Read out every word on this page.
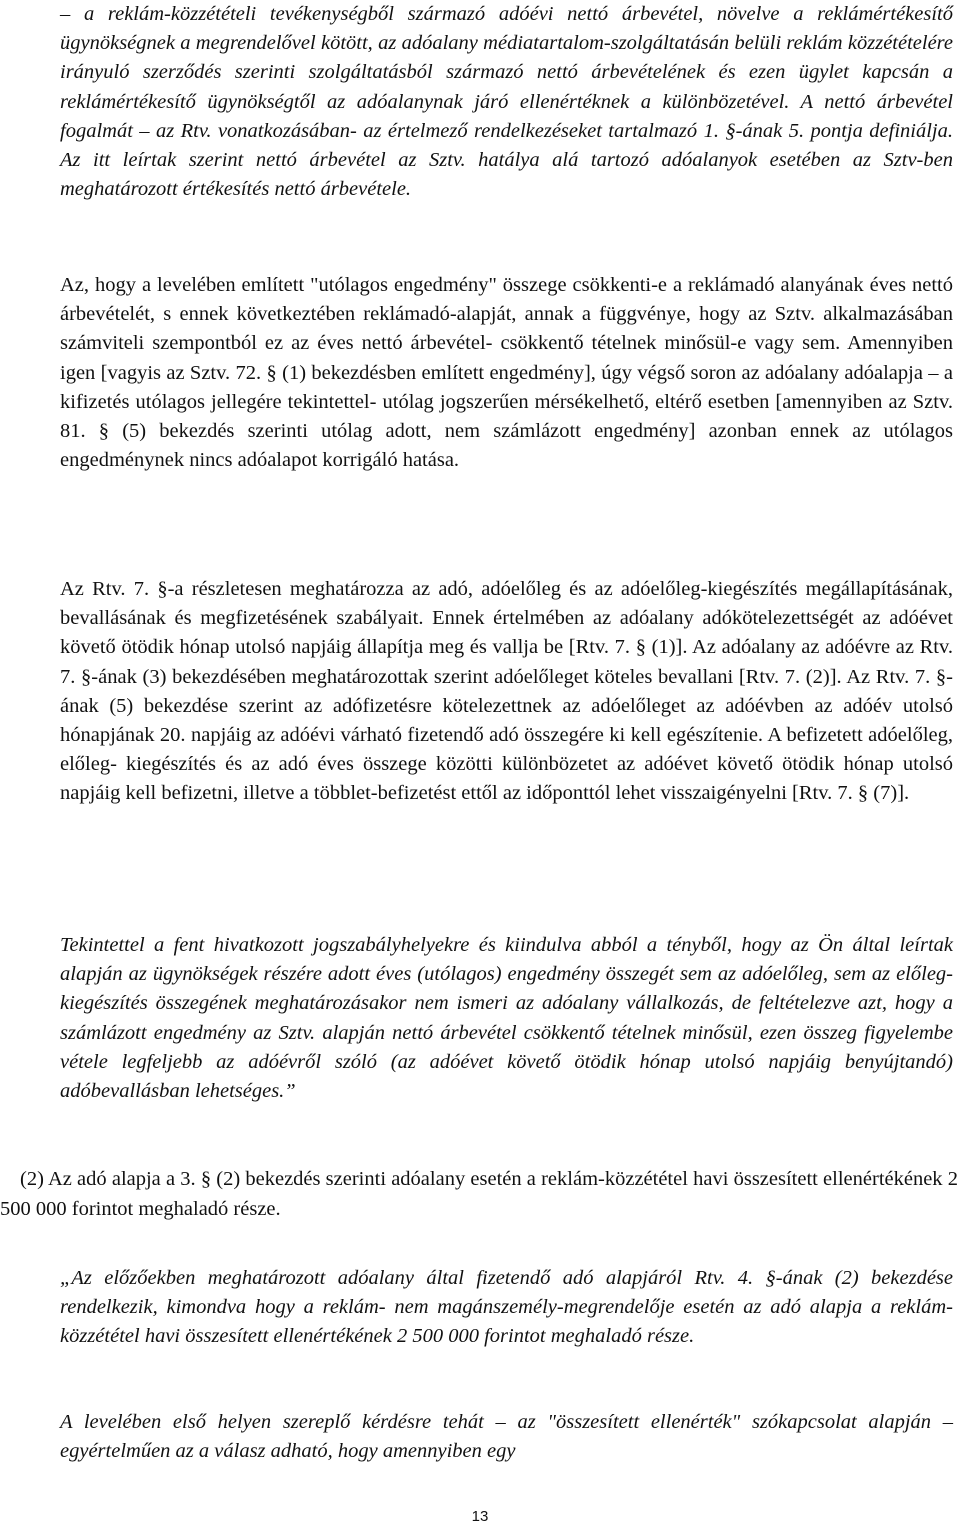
– a reklám-közzétételi tevékenységből származó adóévi nettó árbevétel, növelve a reklámértékesítő ügynökségnek a megrendelővel kötött, az adóalany médiatartalom-szolgáltatásán belüli reklám közzétételére irányuló szerződés szerinti szolgáltatásból származó nettó árbevételének és ezen ügylet kapcsán a reklámértékesítő ügynökségtől az adóalanynak járó ellenértéknek a különbözetével. A nettó árbevétel fogalmát – az Rtv. vonatkozásában- az értelmező rendelkezéseket tartalmazó 1. §-ának 5. pontja definiálja. Az itt leírtak szerint nettó árbevétel az Sztv. hatálya alá tartozó adóalanyok esetében az Sztv-ben meghatározott értékesítés nettó árbevétele.

Az, hogy a levelében említett "utólagos engedmény" összege csökkenti-e a reklámadó alanyának éves nettó árbevételét, s ennek következtében reklámadó-alapját, annak a függvénye, hogy az Sztv. alkalmazásában számviteli szempontból ez az éves nettó árbevétel- csökkentő tételnek minősül-e vagy sem. Amennyiben igen [vagyis az Sztv. 72. § (1) bekezdésben említett engedmény], úgy végső soron az adóalany adóalapja – a kifizetés utólagos jellegére tekintettel- utólag jogszerűen mérsékelhető, eltérő esetben [amennyiben az Sztv. 81. § (5) bekezdés szerinti utólag adott, nem számlázott engedmény] azonban ennek az utólagos engedménynek nincs adóalapot korrigáló hatása.

Az Rtv. 7. §-a részletesen meghatározza az adó, adóelőleg és az adóelőleg-kiegészítés megállapításának, bevallásának és megfizetésének szabályait. Ennek értelmében az adóalany adókötelezettségét az adóévet követő ötödik hónap utolsó napjáig állapítja meg és vallja be [Rtv. 7. § (1)]. Az adóalany az adóévre az Rtv. 7. §-ának (3) bekezdésében meghatározottak szerint adóelőleget köteles bevallani [Rtv. 7. (2)]. Az Rtv. 7. §-ának (5) bekezdése szerint az adófizetésre kötelezettnek az adóelőleget az adóévben az adóév utolsó hónapjának 20. napjáig az adóévi várható fizetendő adó összegére ki kell egészítenie. A befizetett adóelőleg, előleg- kiegészítés és az adó éves összege közötti különbözetet az adóévet követő ötödik hónap utolsó napjáig kell befizetni, illetve a többlet-befizetést ettől az időponttól lehet visszaigényelni [Rtv. 7. § (7)].

Tekintettel a fent hivatkozott jogszabályhelyekre és kiindulva abból a tényből, hogy az Ön által leírtak alapján az ügynökségek részére adott éves (utólagos) engedmény összegét sem az adóelőleg, sem az előleg-kiegészítés összegének meghatározásakor nem ismeri az adóalany vállalkozás, de feltételezve azt, hogy a számlázott engedmény az Sztv. alapján nettó árbevétel csökkentő tételnek minősül, ezen összeg figyelembe vétele legfeljebb az adóévről szóló (az adóévet követő ötödik hónap utolsó napjáig benyújtandó) adóbevallásban lehetséges.”

(2) Az adó alapja a 3. § (2) bekezdés szerinti adóalany esetén a reklám-közzététel havi összesített ellenértékének 2 500 000 forintot meghaladó része.

„Az előzőekben meghatározott adóalany által fizetendő adó alapjáról Rtv. 4. §-ának (2) bekezdése rendelkezik, kimondva hogy a reklám- nem magánszemély-megrendelője esetén az adó alapja a reklám-közzététel havi összesített ellenértékének 2 500 000 forintot meghaladó része.

A levelében első helyen szereplő kérdésre tehát – az "összesített ellenérték" szókapcsolat alapján – egyértelműen az a válasz adható, hogy amennyiben egy

13
